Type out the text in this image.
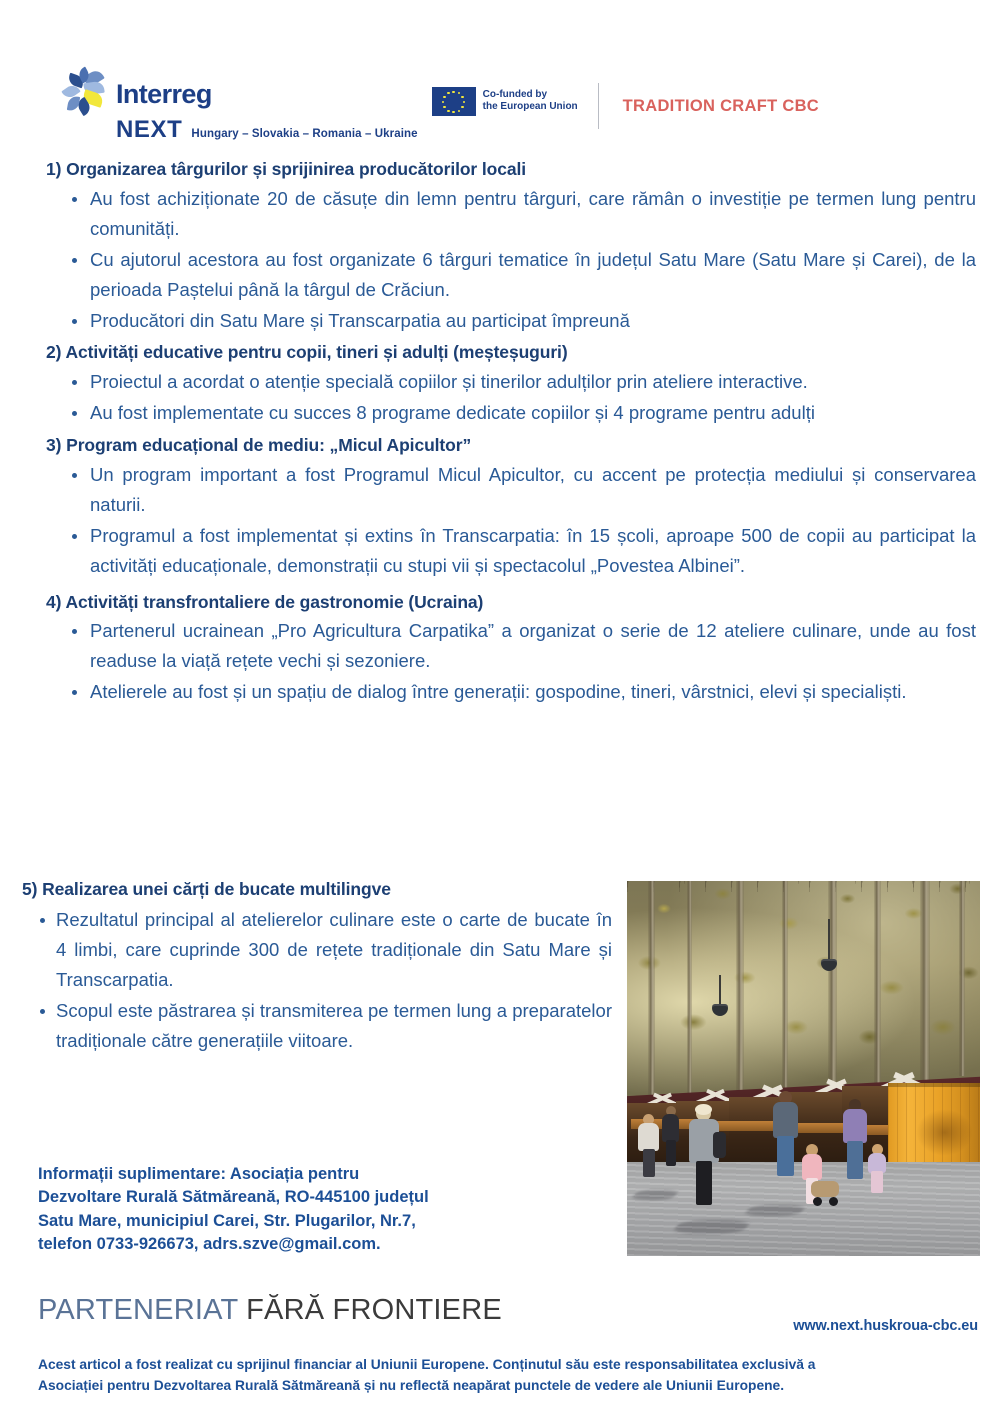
Interreg
NEXT Hungary – Slovakia – Romania – Ukraine
Co-funded by
the European Union	TRADITION CRAFT CBC
1) Organizarea târgurilor și sprijinirea producătorilor locali
Au fost achiziționate 20 de căsuțe din lemn pentru târguri, care rămân o investiție pe termen lung pentru comunități.
Cu ajutorul acestora au fost organizate 6 târguri tematice în județul Satu Mare (Satu Mare și Carei), de la perioada Paștelui până la târgul de Crăciun.
Producători din Satu Mare și Transcarpatia au participat împreună
2) Activități educative pentru copii, tineri și adulți (meșteșuguri)
Proiectul a acordat o atenție specială copiilor și tinerilor adulților prin ateliere interactive.
Au fost implementate cu succes 8 programe dedicate copiilor și 4 programe pentru adulți
3) Program educațional de mediu: „Micul Apicultor”
Un program important a fost Programul Micul Apicultor, cu accent pe protecția mediului și conservarea naturii.
Programul a fost implementat și extins în Transcarpatia: în 15 școli, aproape 500 de copii au participat la activități educaționale, demonstrații cu stupi vii și spectacolul „Povestea Albinei”.
4) Activități transfrontaliere de gastronomie (Ucraina)
Partenerul ucrainean „Pro Agricultura Carpatika” a organizat o serie de 12 ateliere culinare, unde au fost readuse la viață rețete vechi și sezoniere.
Atelierele au fost și un spațiu de dialog între generații: gospodine, tineri, vârstnici, elevi și specialiști.
5) Realizarea unei cărți de bucate multilingve
Rezultatul principal al atelierelor culinare este o carte de bucate în 4 limbi, care cuprinde 300 de rețete tradiționale din Satu Mare și Transcarpatia.
Scopul este păstrarea și transmiterea pe termen lung a preparatelor tradiționale către generațiile viitoare.
Informații suplimentare: Asociația pentru
Dezvoltare Rurală Sătmăreană, RO-445100 județul
Satu Mare, municipiul Carei, Str. Plugarilor, Nr.7,
telefon 0733-926673, adrs.szve@gmail.com.
PARTENERIAT FĂRĂ FRONTIERE	www.next.huskroua-cbc.eu
Acest articol a fost realizat cu sprijinul financiar al Uniunii Europene. Conținutul său este responsabilitatea exclusivă a
Asociației pentru Dezvoltarea Rurală Sătmăreană și nu reflectă neapărat punctele de vedere ale Uniunii Europene.
